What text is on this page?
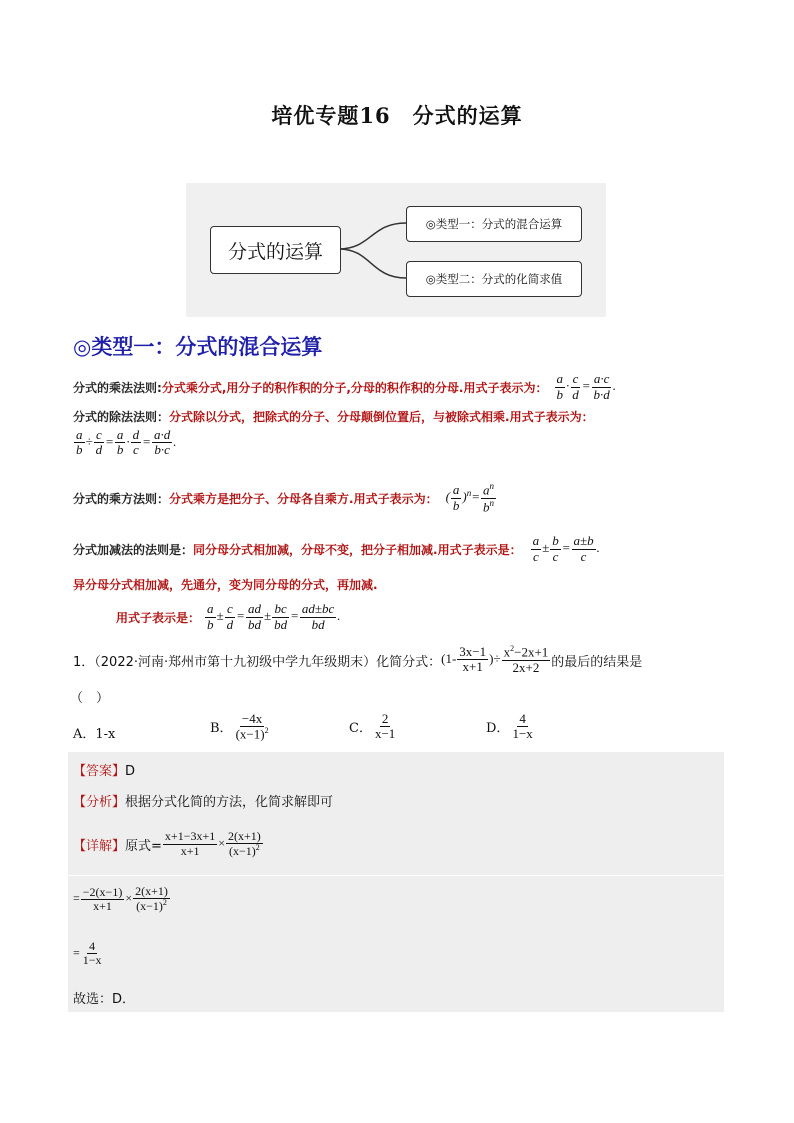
培优专题16　分式的运算
分式的运算
◎类型一：分式的混合运算
◎类型二：分式的化简求值
◎类型一：分式的混合运算
分式的乘法法则: 分式乘分式,用分子的积作积的分子,分母的积作积的分母.用式子表示为： $\frac{a}{b} \cdot \frac{c}{d} = \frac{a\cdot c}{b\cdot d}$ .
分式的除法法则：分式除以分式，把除式的分子、分母颠倒位置后，与被除式相乘.用式子表示为：
$\frac{a}{b} \div \frac{c}{d} = \frac{a}{b} \cdot \frac{d}{c} = \frac{a\cdot d}{b\cdot c}$ .
分式的乘方法则： 分式乘方是把分子、分母各自乘方.用式子表示为： ( $\frac{a}{b} )^n= \frac{a^n}{b^n}$
分式加减法的法则是： 同分母分式相加减，分母不变，把分子相加减.用式子表示是： $\frac{a}{c} \pm \frac{b}{c} = \frac{a\pm b}{c}$ .
异分母分式相加减，先通分，变为同分母的分式，再加减.
用式子表示是： $\frac{a}{b} \pm \frac{c}{d} = \frac{ad}{bd} \pm \frac{bc}{bd} = \frac{ad\pm bc}{bd}$ .
1．（2022·河南·郑州市第十九初级中学九年级期末）化简分式： ($1- \frac{3x-1}{x+1}$ )÷ $\frac{x^2-2x+1}{2x+2}$ 的最后的结果是
（　）
A．1-x	B． $\frac{-4x}{(x-1)^2}$	C． $\frac{2}{x-1}$	D． $\frac{4}{1-x}$
【答案】D
【分析】根据分式化简的方法，化简求解即可
【详解】 原式= $\frac{x+1-3x+1}{x+1} \times \frac{2(x+1)}{(x-1)^2}$
= $\frac{-2(x-1)}{x+1} \times \frac{2(x+1)}{(x-1)^2}$
= $\frac{4}{1-x}$
故选：D．
